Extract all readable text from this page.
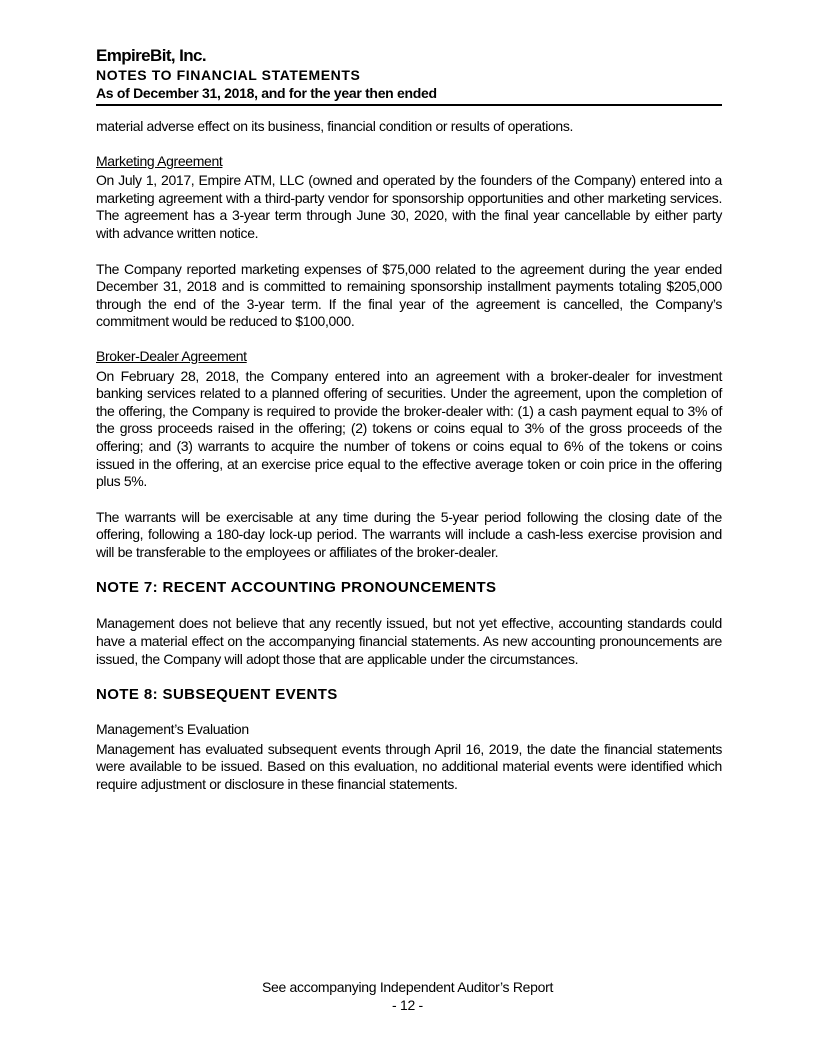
EmpireBit, Inc.
NOTES TO FINANCIAL STATEMENTS
As of December 31, 2018, and for the year then ended

material adverse effect on its business, financial condition or results of operations.

Marketing Agreement

On July 1, 2017, Empire ATM, LLC (owned and operated by the founders of the Company) entered into a marketing agreement with a third-party vendor for sponsorship opportunities and other marketing services. The agreement has a 3-year term through June 30, 2020, with the final year cancellable by either party with advance written notice.

The Company reported marketing expenses of $75,000 related to the agreement during the year ended December 31, 2018 and is committed to remaining sponsorship installment payments totaling $205,000 through the end of the 3-year term. If the final year of the agreement is cancelled, the Company’s commitment would be reduced to $100,000.

Broker-Dealer Agreement

On February 28, 2018, the Company entered into an agreement with a broker-dealer for investment banking services related to a planned offering of securities. Under the agreement, upon the completion of the offering, the Company is required to provide the broker-dealer with: (1) a cash payment equal to 3% of the gross proceeds raised in the offering; (2) tokens or coins equal to 3% of the gross proceeds of the offering; and (3) warrants to acquire the number of tokens or coins equal to 6% of the tokens or coins issued in the offering, at an exercise price equal to the effective average token or coin price in the offering plus 5%.

The warrants will be exercisable at any time during the 5-year period following the closing date of the offering, following a 180-day lock-up period. The warrants will include a cash-less exercise provision and will be transferable to the employees or affiliates of the broker-dealer.

NOTE 7: RECENT ACCOUNTING PRONOUNCEMENTS

Management does not believe that any recently issued, but not yet effective, accounting standards could have a material effect on the accompanying financial statements. As new accounting pronouncements are issued, the Company will adopt those that are applicable under the circumstances.

NOTE 8: SUBSEQUENT EVENTS

Management’s Evaluation

Management has evaluated subsequent events through April 16, 2019, the date the financial statements were available to be issued. Based on this evaluation, no additional material events were identified which require adjustment or disclosure in these financial statements.

See accompanying Independent Auditor’s Report
- 12 -
